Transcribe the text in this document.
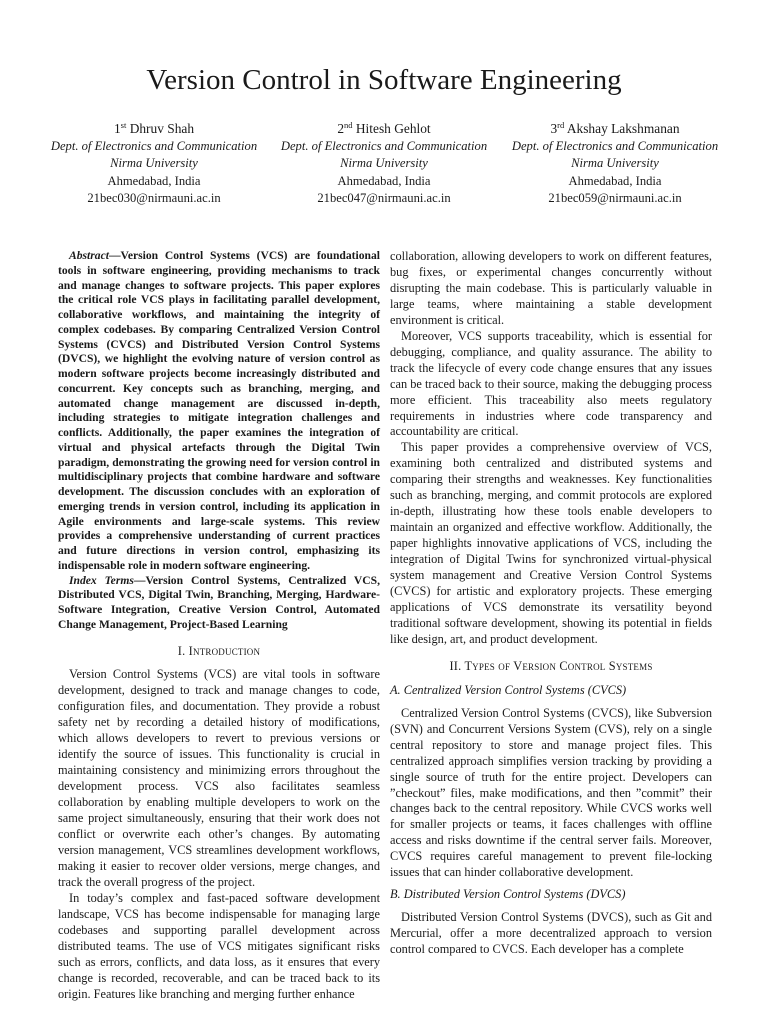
Version Control in Software Engineering
1st Dhruv Shah
Dept. of Electronics and Communication
Nirma University
Ahmedabad, India
21bec030@nirmauni.ac.in
2nd Hitesh Gehlot
Dept. of Electronics and Communication
Nirma University
Ahmedabad, India
21bec047@nirmauni.ac.in
3rd Akshay Lakshmanan
Dept. of Electronics and Communication
Nirma University
Ahmedabad, India
21bec059@nirmauni.ac.in

Abstract—Version Control Systems (VCS) are foundational tools in software engineering, providing mechanisms to track and manage changes to software projects. This paper explores the critical role VCS plays in facilitating parallel development, collaborative workflows, and maintaining the integrity of complex codebases. By comparing Centralized Version Control Systems (CVCS) and Distributed Version Control Systems (DVCS), we highlight the evolving nature of version control as modern software projects become increasingly distributed and concurrent. Key concepts such as branching, merging, and automated change management are discussed in-depth, including strategies to mitigate integration challenges and conflicts. Additionally, the paper examines the integration of virtual and physical artefacts through the Digital Twin paradigm, demonstrating the growing need for version control in multidisciplinary projects that combine hardware and software development. The discussion concludes with an exploration of emerging trends in version control, including its application in Agile environments and large-scale systems. This review provides a comprehensive understanding of current practices and future directions in version control, emphasizing its indispensable role in modern software engineering.

Index Terms—Version Control Systems, Centralized VCS, Distributed VCS, Digital Twin, Branching, Merging, Hardware-Software Integration, Creative Version Control, Automated Change Management, Project-Based Learning

I. Introduction

Version Control Systems (VCS) are vital tools in software development, designed to track and manage changes to code, configuration files, and documentation. They provide a robust safety net by recording a detailed history of modifications, which allows developers to revert to previous versions or identify the source of issues. This functionality is crucial in maintaining consistency and minimizing errors throughout the development process. VCS also facilitates seamless collaboration by enabling multiple developers to work on the same project simultaneously, ensuring that their work does not conflict or overwrite each other’s changes. By automating version management, VCS streamlines development workflows, making it easier to recover older versions, merge changes, and track the overall progress of the project.

In today’s complex and fast-paced software development landscape, VCS has become indispensable for managing large codebases and supporting parallel development across distributed teams. The use of VCS mitigates significant risks such as errors, conflicts, and data loss, as it ensures that every change is recorded, recoverable, and can be traced back to its origin. Features like branching and merging further enhance

collaboration, allowing developers to work on different features, bug fixes, or experimental changes concurrently without disrupting the main codebase. This is particularly valuable in large teams, where maintaining a stable development environment is critical.

Moreover, VCS supports traceability, which is essential for debugging, compliance, and quality assurance. The ability to track the lifecycle of every code change ensures that any issues can be traced back to their source, making the debugging process more efficient. This traceability also meets regulatory requirements in industries where code transparency and accountability are critical.

This paper provides a comprehensive overview of VCS, examining both centralized and distributed systems and comparing their strengths and weaknesses. Key functionalities such as branching, merging, and commit protocols are explored in-depth, illustrating how these tools enable developers to maintain an organized and effective workflow. Additionally, the paper highlights innovative applications of VCS, including the integration of Digital Twins for synchronized virtual-physical system management and Creative Version Control Systems (CVCS) for artistic and exploratory projects. These emerging applications of VCS demonstrate its versatility beyond traditional software development, showing its potential in fields like design, art, and product development.

II. Types of Version Control Systems
A. Centralized Version Control Systems (CVCS)

Centralized Version Control Systems (CVCS), like Subversion (SVN) and Concurrent Versions System (CVS), rely on a single central repository to store and manage project files. This centralized approach simplifies version tracking by providing a single source of truth for the entire project. Developers can ”checkout” files, make modifications, and then ”commit” their changes back to the central repository. While CVCS works well for smaller projects or teams, it faces challenges with offline access and risks downtime if the central server fails. Moreover, CVCS requires careful management to prevent file-locking issues that can hinder collaborative development.

B. Distributed Version Control Systems (DVCS)

Distributed Version Control Systems (DVCS), such as Git and Mercurial, offer a more decentralized approach to version control compared to CVCS. Each developer has a complete
